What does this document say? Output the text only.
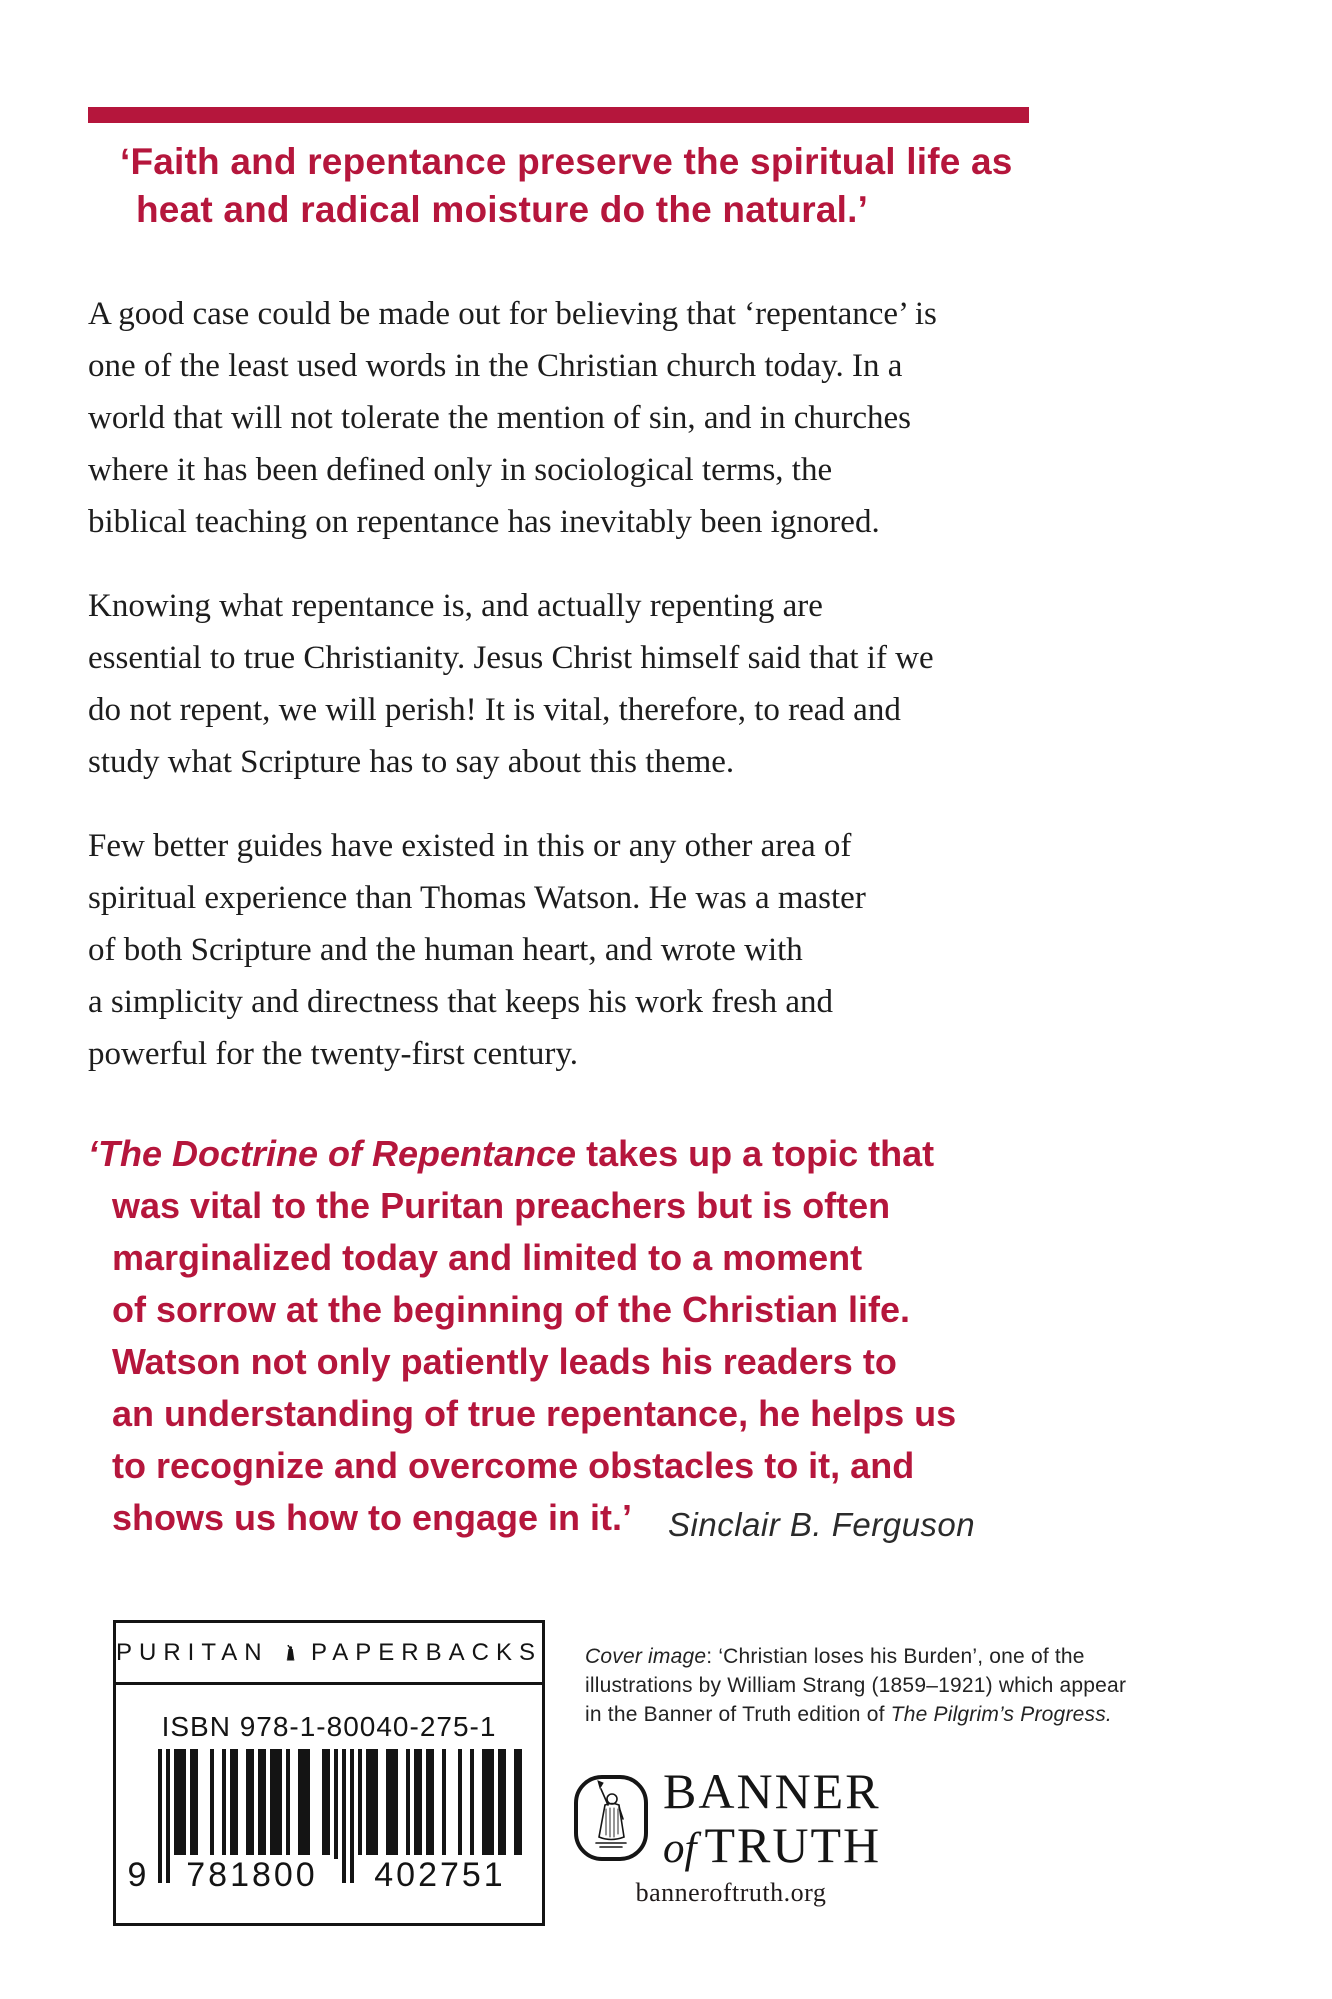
‘Faith and repentance preserve the spiritual life as
heat and radical moisture do the natural.’
A good case could be made out for believing that ‘repentance’ is
one of the least used words in the Christian church today. In a
world that will not tolerate the mention of sin, and in churches
where it has been defined only in sociological terms, the
biblical teaching on repentance has inevitably been ignored.
Knowing what repentance is, and actually repenting are
essential to true Christianity. Jesus Christ himself said that if we
do not repent, we will perish! It is vital, therefore, to read and
study what Scripture has to say about this theme.
Few better guides have existed in this or any other area of
spiritual experience than Thomas Watson. He was a master
of both Scripture and the human heart, and wrote with
a simplicity and directness that keeps his work fresh and
powerful for the twenty-first century.
‘The Doctrine of Repentance takes up a topic that
was vital to the Puritan preachers but is often
marginalized today and limited to a moment
of sorrow at the beginning of the Christian life.
Watson not only patiently leads his readers to
an understanding of true repentance, he helps us
to recognize and overcome obstacles to it, and
shows us how to engage in it.’	Sinclair B. Ferguson
PURITAN PAPERBACKS
ISBN 978-1-80040-275-1
9	781800	402751
Cover image: ‘Christian loses his Burden’, one of the
illustrations by William Strang (1859–1921) which appear
in the Banner of Truth edition of The Pilgrim’s Progress.
BANNER
of TRUTH
banneroftruth.org
